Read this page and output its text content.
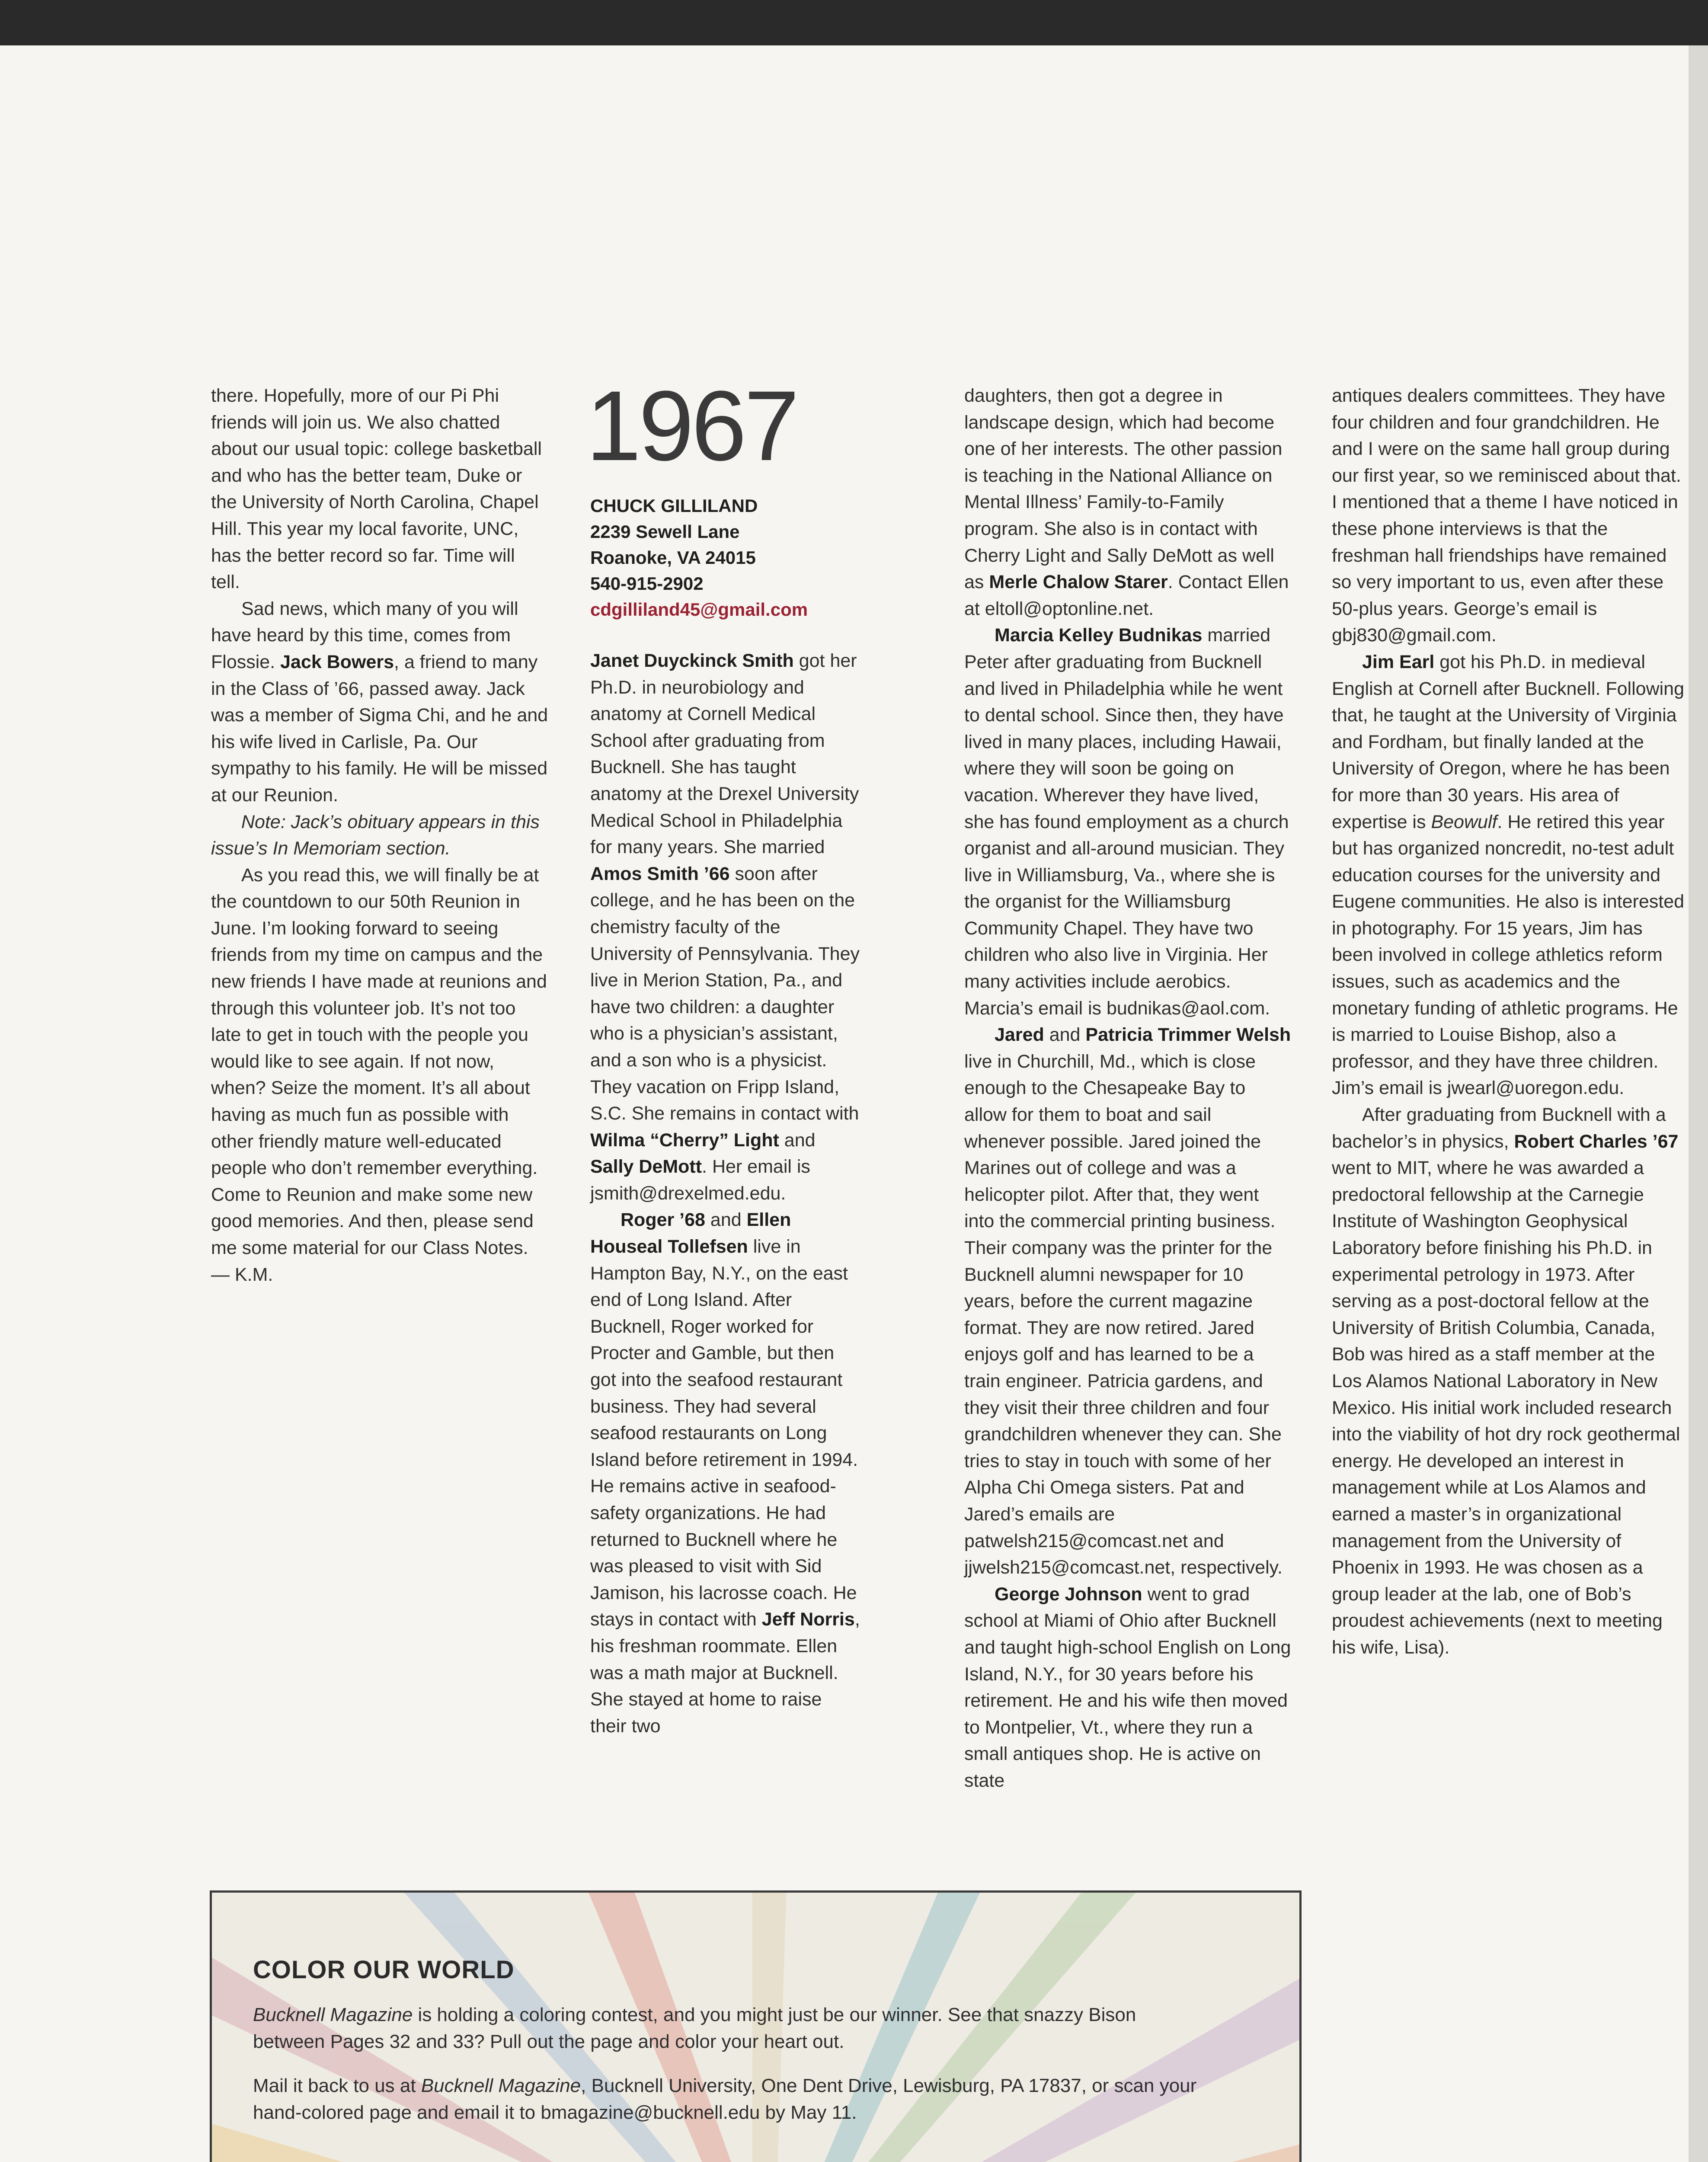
there. Hopefully, more of our Pi Phi friends will join us. We also chatted about our usual topic: college basketball and who has the better team, Duke or the University of North Carolina, Chapel Hill. This year my local favorite, UNC, has the better record so far. Time will tell.

Sad news, which many of you will have heard by this time, comes from Flossie. Jack Bowers, a friend to many in the Class of ’66, passed away. Jack was a member of Sigma Chi, and he and his wife lived in Carlisle, Pa. Our sympathy to his family. He will be missed at our Reunion.

Note: Jack’s obituary appears in this issue’s In Memoriam section.

As you read this, we will finally be at the countdown to our 50th Reunion in June. I’m looking forward to seeing friends from my time on campus and the new friends I have made at reunions and through this volunteer job. It’s not too late to get in touch with the people you would like to see again. If not now, when? Seize the moment. It’s all about having as much fun as possible with other friendly mature well-educated people who don’t remember everything. Come to Reunion and make some new good memories. And then, please send me some material for our Class Notes. — K.M.

1967
CHUCK GILLILAND
2239 Sewell Lane
Roanoke, VA 24015
540-915-2902
cdgilliland45@gmail.com

Janet Duyckinck Smith got her Ph.D. in neurobiology and anatomy at Cornell Medical School after graduating from Bucknell. She has taught anatomy at the Drexel University Medical School in Philadelphia for many years. She married Amos Smith ’66 soon after college, and he has been on the chemistry faculty of the University of Pennsylvania. They live in Merion Station, Pa., and have two children: a daughter who is a physician’s assistant, and a son who is a physicist. They vacation on Fripp Island, S.C. She remains in contact with Wilma “Cherry” Light and Sally DeMott. Her email is jsmith@drexelmed.edu.

Roger ’68 and Ellen Houseal Tollefsen live in Hampton Bay, N.Y., on the east end of Long Island. After Bucknell, Roger worked for Procter and Gamble, but then got into the seafood restaurant business. They had several seafood restaurants on Long Island before retirement in 1994. He remains active in seafood-safety organizations. He had returned to Bucknell where he was pleased to visit with Sid Jamison, his lacrosse coach. He stays in contact with Jeff Norris, his freshman roommate. Ellen was a math major at Bucknell. She stayed at home to raise their two

daughters, then got a degree in landscape design, which had become one of her interests. The other passion is teaching in the National Alliance on Mental Illness’ Family-to-Family program. She also is in contact with Cherry Light and Sally DeMott as well as Merle Chalow Starer. Contact Ellen at eltoll@optonline.net.

Marcia Kelley Budnikas married Peter after graduating from Bucknell and lived in Philadelphia while he went to dental school. Since then, they have lived in many places, including Hawaii, where they will soon be going on vacation. Wherever they have lived, she has found employment as a church organist and all-around musician. They live in Williamsburg, Va., where she is the organist for the Williamsburg Community Chapel. They have two children who also live in Virginia. Her many activities include aerobics. Marcia’s email is budnikas@aol.com.

Jared and Patricia Trimmer Welsh live in Churchill, Md., which is close enough to the Chesapeake Bay to allow for them to boat and sail whenever possible. Jared joined the Marines out of college and was a helicopter pilot. After that, they went into the commercial printing business. Their company was the printer for the Bucknell alumni newspaper for 10 years, before the current magazine format. They are now retired. Jared enjoys golf and has learned to be a train engineer. Patricia gardens, and they visit their three children and four grandchildren whenever they can. She tries to stay in touch with some of her Alpha Chi Omega sisters. Pat and Jared’s emails are patwelsh215@comcast.net and jjwelsh215@comcast.net, respectively.

George Johnson went to grad school at Miami of Ohio after Bucknell and taught high-school English on Long Island, N.Y., for 30 years before his retirement. He and his wife then moved to Montpelier, Vt., where they run a small antiques shop. He is active on state

antiques dealers committees. They have four children and four grandchildren. He and I were on the same hall group during our first year, so we reminisced about that. I mentioned that a theme I have noticed in these phone interviews is that the freshman hall friendships have remained so very important to us, even after these 50-plus years. George’s email is gbj830@gmail.com.

Jim Earl got his Ph.D. in medieval English at Cornell after Bucknell. Following that, he taught at the University of Virginia and Fordham, but finally landed at the University of Oregon, where he has been for more than 30 years. His area of expertise is Beowulf. He retired this year but has organized noncredit, no-test adult education courses for the university and Eugene communities. He also is interested in photography. For 15 years, Jim has been involved in college athletics reform issues, such as academics and the monetary funding of athletic programs. He is married to Louise Bishop, also a professor, and they have three children. Jim’s email is jwearl@uoregon.edu.

After graduating from Bucknell with a bachelor’s in physics, Robert Charles ’67 went to MIT, where he was awarded a predoctoral fellowship at the Carnegie Institute of Washington Geophysical Laboratory before finishing his Ph.D. in experimental petrology in 1973. After serving as a post-doctoral fellow at the University of British Columbia, Canada, Bob was hired as a staff member at the Los Alamos National Laboratory in New Mexico. His initial work included research into the viability of hot dry rock geothermal energy. He developed an interest in management while at Los Alamos and earned a master’s in organizational management from the University of Phoenix in 1993. He was chosen as a group leader at the lab, one of Bob’s proudest achievements (next to meeting his wife, Lisa).

COLOR OUR WORLD

Bucknell Magazine is holding a coloring contest, and you might just be our winner. See that snazzy Bison between Pages 32 and 33? Pull out the page and color your heart out.

Mail it back to us at Bucknell Magazine, Bucknell University, One Dent Drive, Lewisburg, PA 17837, or scan your hand-colored page and email it to bmagazine@bucknell.edu by May 11.
